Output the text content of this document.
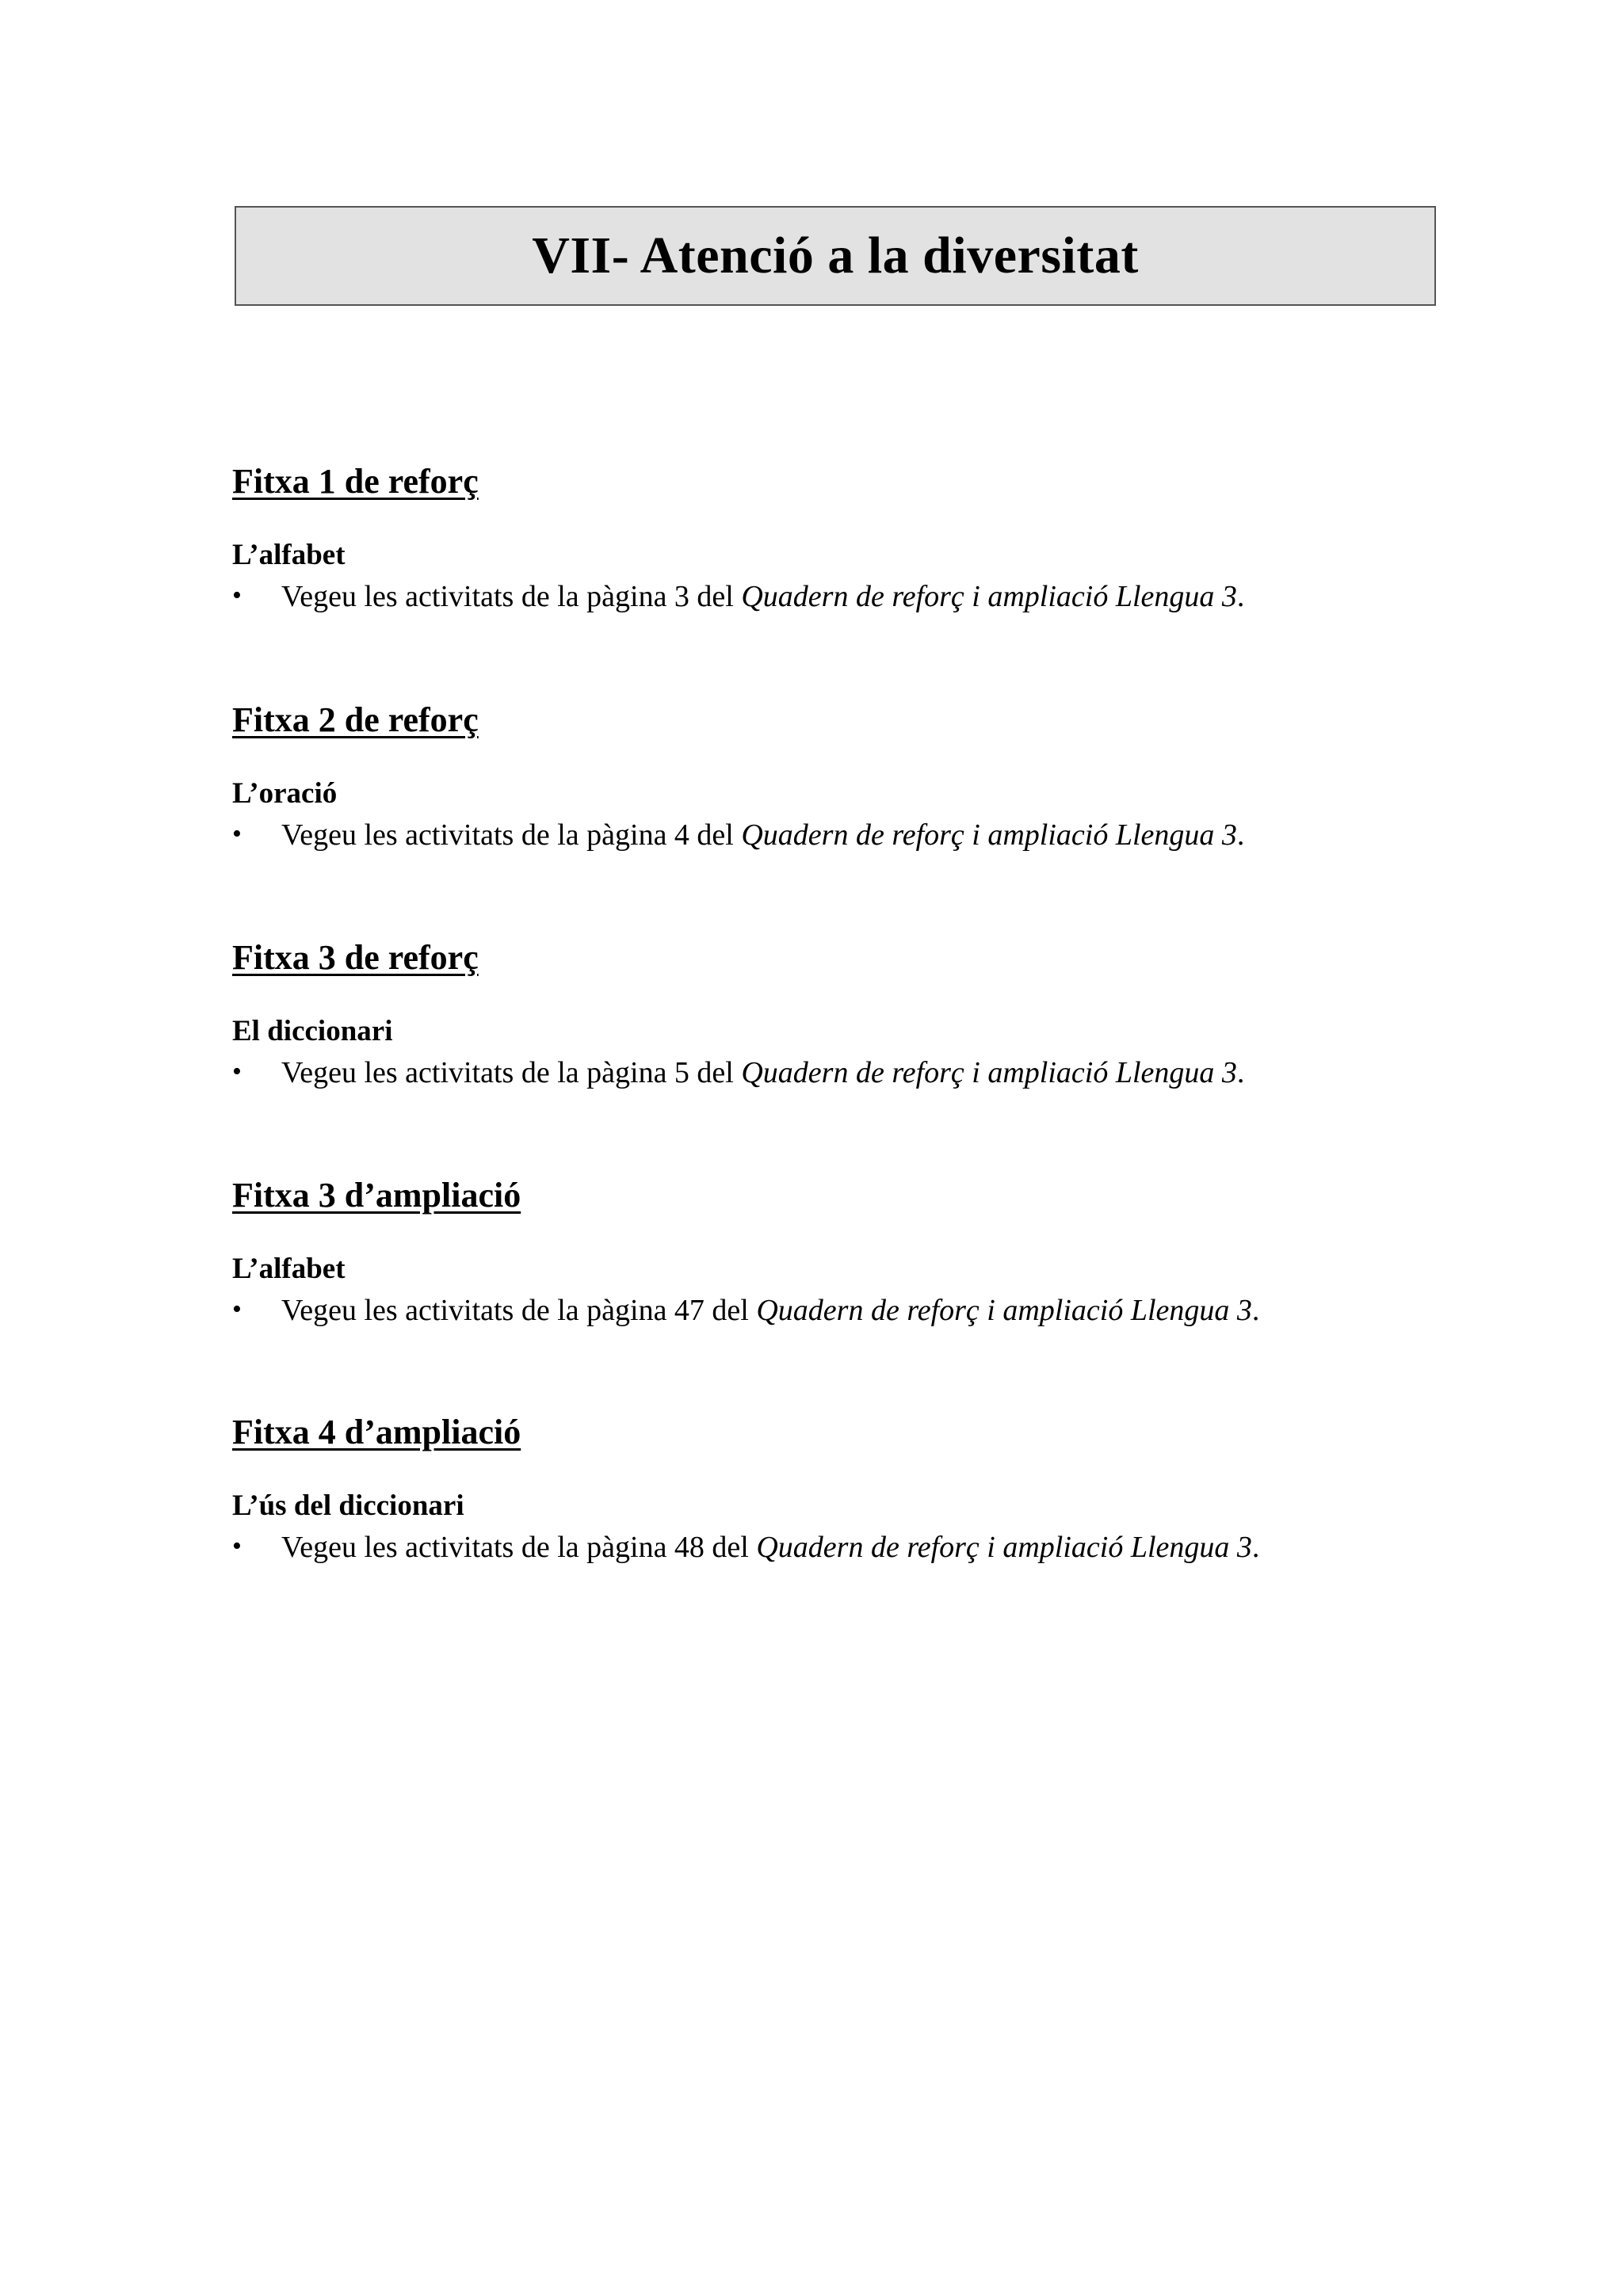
VII- Atenció a la diversitat
Fitxa 1 de reforç
L’alfabet
• Vegeu les activitats de la pàgina 3 del Quadern de reforç i ampliació Llengua 3.
Fitxa 2 de reforç
L’oració
• Vegeu les activitats de la pàgina 4 del Quadern de reforç i ampliació Llengua 3.
Fitxa 3 de reforç
El diccionari
• Vegeu les activitats de la pàgina 5 del Quadern de reforç i ampliació Llengua 3.
Fitxa 3 d’ampliació
L’alfabet
• Vegeu les activitats de la pàgina 47 del Quadern de reforç i ampliació Llengua 3.
Fitxa 4 d’ampliació
L’ús del diccionari
• Vegeu les activitats de la pàgina 48 del Quadern de reforç i ampliació Llengua 3.
